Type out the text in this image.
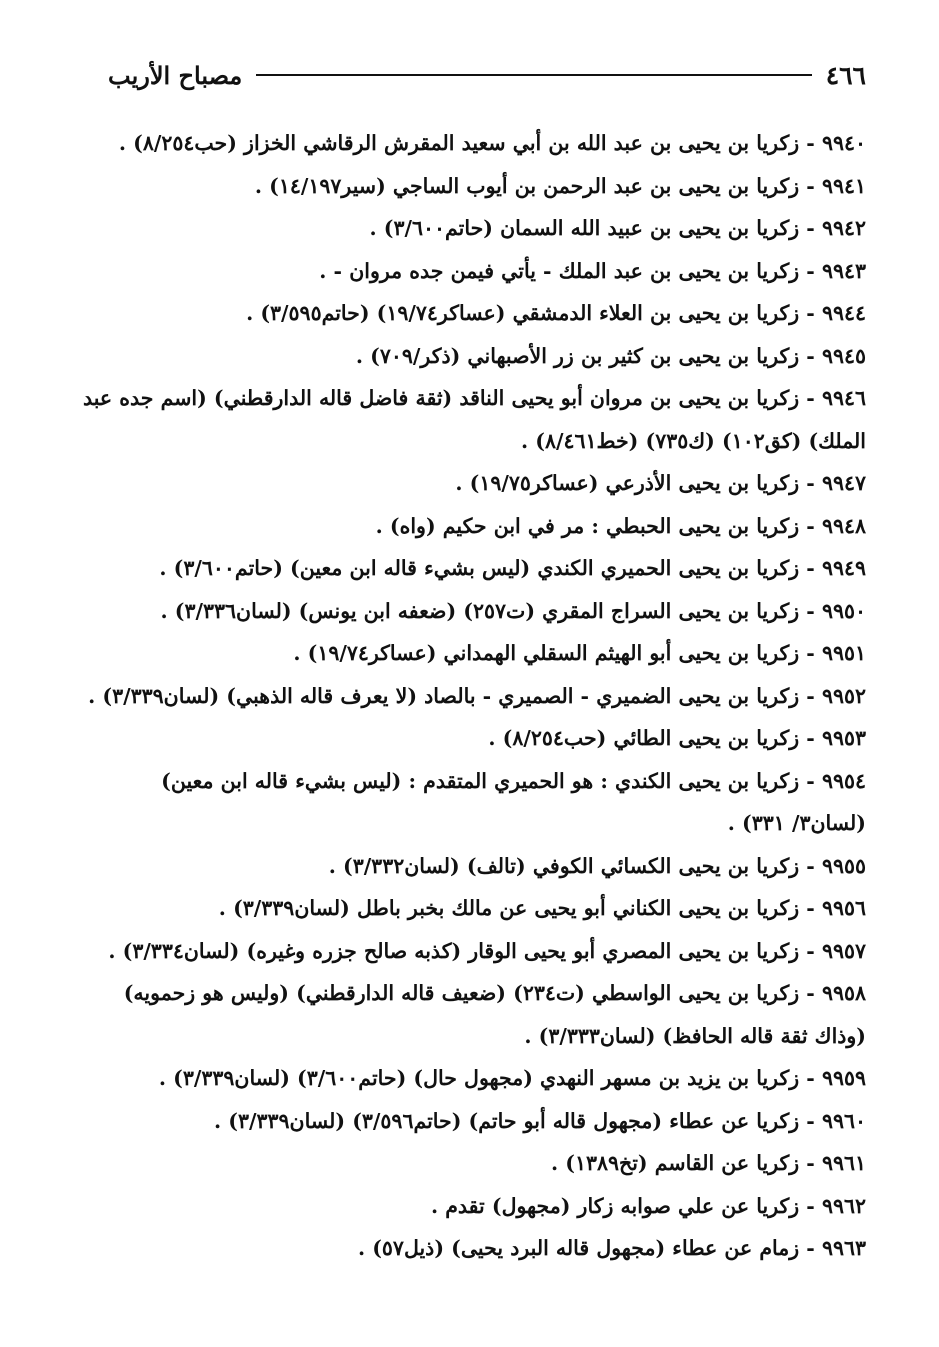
٤٦٦
مصباح الأريب
٩٩٤٠ - زكريا بن يحيى بن عبد الله بن أبي سعيد المقرش الرقاشي الخزاز (حب٨/٢٥٤) .
٩٩٤١ - زكريا بن يحيى بن عبد الرحمن بن أيوب الساجي (سير١٤/١٩٧) .
٩٩٤٢ - زكريا بن يحيى بن عبيد الله السمان (حاتم٣/٦٠٠) .
٩٩٤٣ - زكريا بن يحيى بن عبد الملك - يأتي فيمن جده مروان - .
٩٩٤٤ - زكريا بن يحيى بن العلاء الدمشقي (عساكر١٩/٧٤) (حاتم٣/٥٩٥) .
٩٩٤٥ - زكريا بن يحيى بن كثير بن زر الأصبهاني (ذكر/٧٠٩) .
٩٩٤٦ - زكريا بن يحيى بن مروان أبو يحيى الناقد (ثقة فاضل قاله الدارقطني) (اسم جده عبد الملك) (كق١٠٢) (ك٧٣٥) (خط٨/٤٦١) .
٩٩٤٧ - زكريا بن يحيى الأذرعي (عساكر١٩/٧٥) .
٩٩٤٨ - زكريا بن يحيى الحبطي : مر في ابن حكيم (واه) .
٩٩٤٩ - زكريا بن يحيى الحميري الكندي (ليس بشيء قاله ابن معين) (حاتم٣/٦٠٠) .
٩٩٥٠ - زكريا بن يحيى السراج المقري (ت٢٥٧) (ضعفه ابن يونس) (لسان٣/٣٣٦) .
٩٩٥١ - زكريا بن يحيى أبو الهيثم السقلي الهمداني (عساكر١٩/٧٤) .
٩٩٥٢ - زكريا بن يحيى الضميري - الصميري - بالصاد (لا يعرف قاله الذهبي) (لسان٣/٣٣٩) .
٩٩٥٣ - زكريا بن يحيى الطائي (حب٨/٢٥٤) .
٩٩٥٤ - زكريا بن يحيى الكندي : هو الحميري المتقدم : (ليس بشيء قاله ابن معين) (لسان٣/ ٣٣١) .
٩٩٥٥ - زكريا بن يحيى الكسائي الكوفي (تالف) (لسان٣/٣٣٢) .
٩٩٥٦ - زكريا بن يحيى الكناني أبو يحيى عن مالك بخبر باطل (لسان٣/٣٣٩) .
٩٩٥٧ - زكريا بن يحيى المصري أبو يحيى الوقار (كذبه صالح جزره وغيره) (لسان٣/٣٣٤) .
٩٩٥٨ - زكريا بن يحيى الواسطي (ت٢٣٤) (ضعيف قاله الدارقطني) (وليس هو زحمويه) (وذاك ثقة قاله الحافظ) (لسان٣/٣٣٣) .
٩٩٥٩ - زكريا بن يزيد بن مسهر النهدي (مجهول حال) (حاتم٣/٦٠٠) (لسان٣/٣٣٩) .
٩٩٦٠ - زكريا عن عطاء (مجهول قاله أبو حاتم) (حاتم٣/٥٩٦) (لسان٣/٣٣٩) .
٩٩٦١ - زكريا عن القاسم (تخ١٣٨٩) .
٩٩٦٢ - زكريا عن علي صوابه زكار (مجهول) تقدم .
٩٩٦٣ - زمام عن عطاء (مجهول قاله البرد يحيى) (ذيل٥٧) .
